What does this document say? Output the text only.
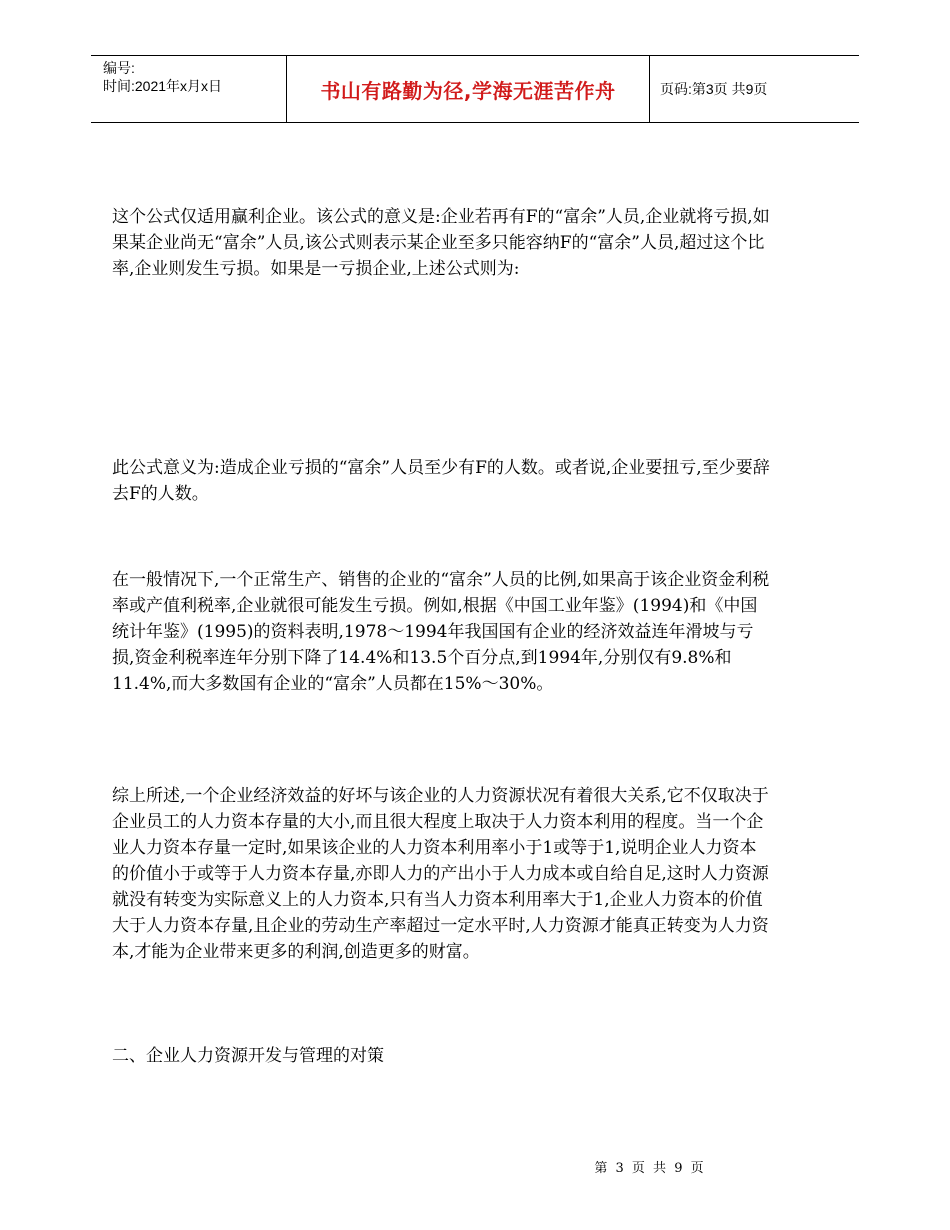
编号:
时间:2021年x月x日	书山有路勤为径,学海无涯苦作舟	页码:第3页 共9页

这个公式仅适用赢利企业。该公式的意义是:企业若再有F的“富余”人员,企业就将亏损,如果某企业尚无“富余”人员,该公式则表示某企业至多只能容纳F的“富余”人员,超过这个比率,企业则发生亏损。如果是一亏损企业,上述公式则为:

此公式意义为:造成企业亏损的“富余”人员至少有F的人数。或者说,企业要扭亏,至少要辞去F的人数。

在一般情况下,一个正常生产、销售的企业的“富余”人员的比例,如果高于该企业资金利税率或产值利税率,企业就很可能发生亏损。例如,根据《中国工业年鉴》(1994)和《中国统计年鉴》(1995)的资料表明,1978～1994年我国国有企业的经济效益连年滑坡与亏损,资金利税率连年分别下降了14.4%和13.5个百分点,到1994年,分别仅有9.8%和11.4%,而大多数国有企业的“富余”人员都在15%～30%。

综上所述,一个企业经济效益的好坏与该企业的人力资源状况有着很大关系,它不仅取决于企业员工的人力资本存量的大小,而且很大程度上取决于人力资本利用的程度。当一个企业人力资本存量一定时,如果该企业的人力资本利用率小于1或等于1,说明企业人力资本的价值小于或等于人力资本存量,亦即人力的产出小于人力成本或自给自足,这时人力资源就没有转变为实际意义上的人力资本,只有当人力资本利用率大于1,企业人力资本的价值大于人力资本存量,且企业的劳动生产率超过一定水平时,人力资源才能真正转变为人力资本,才能为企业带来更多的利润,创造更多的财富。

二、企业人力资源开发与管理的对策

第 3 页 共 9 页
